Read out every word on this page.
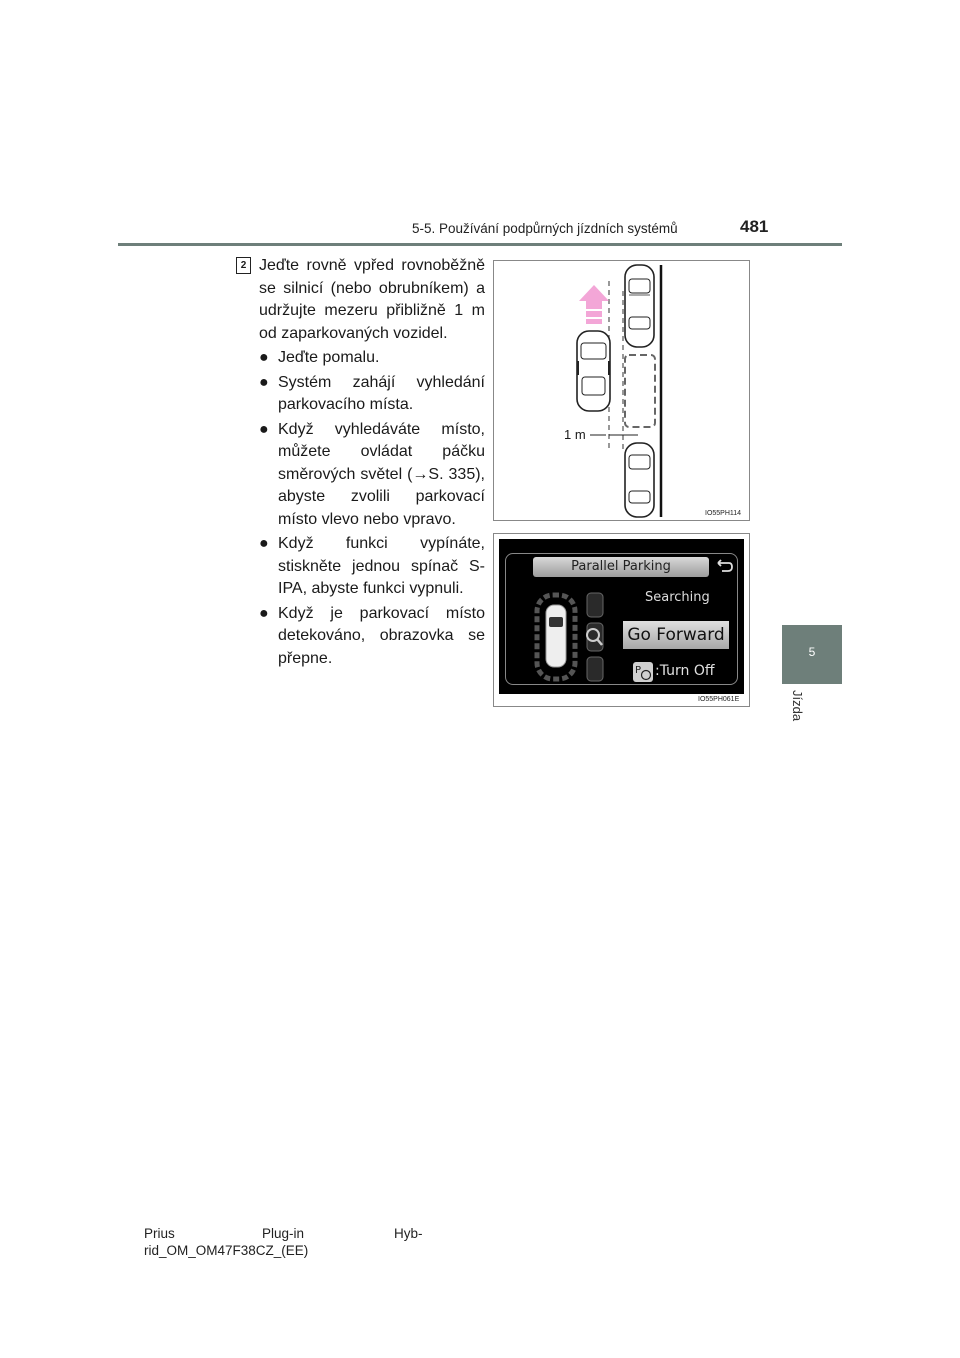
5-5. Používání podpůrných jízdních systémů	481
5
Jízda
2 Jeďte rovně vpřed rovnoběžně se silnicí (nebo obrubníkem) a udržujte mezeru přibližně 1 m od zaparkovaných vozidel.

● Jeďte pomalu.
● Systém zahájí vyhledání parkovacího místa.
● Když vyhledáváte místo, můžete ovládat páčku směrových světel (→S. 335), abyste zvolili parkovací místo vlevo nebo vpravo.
● Když funkci vypínáte, stiskněte jednou spínač S-IPA, abyste funkci vypnuli.
● Když je parkovací místo detekováno, obrazovka se přepne.
1 m
IO55PH114
Parallel Parking
Searching
Go Forward
P :Turn Off
IO55PH061E
Prius	Plug-in	Hyb-
rid_OM_OM47F38CZ_(EE)
